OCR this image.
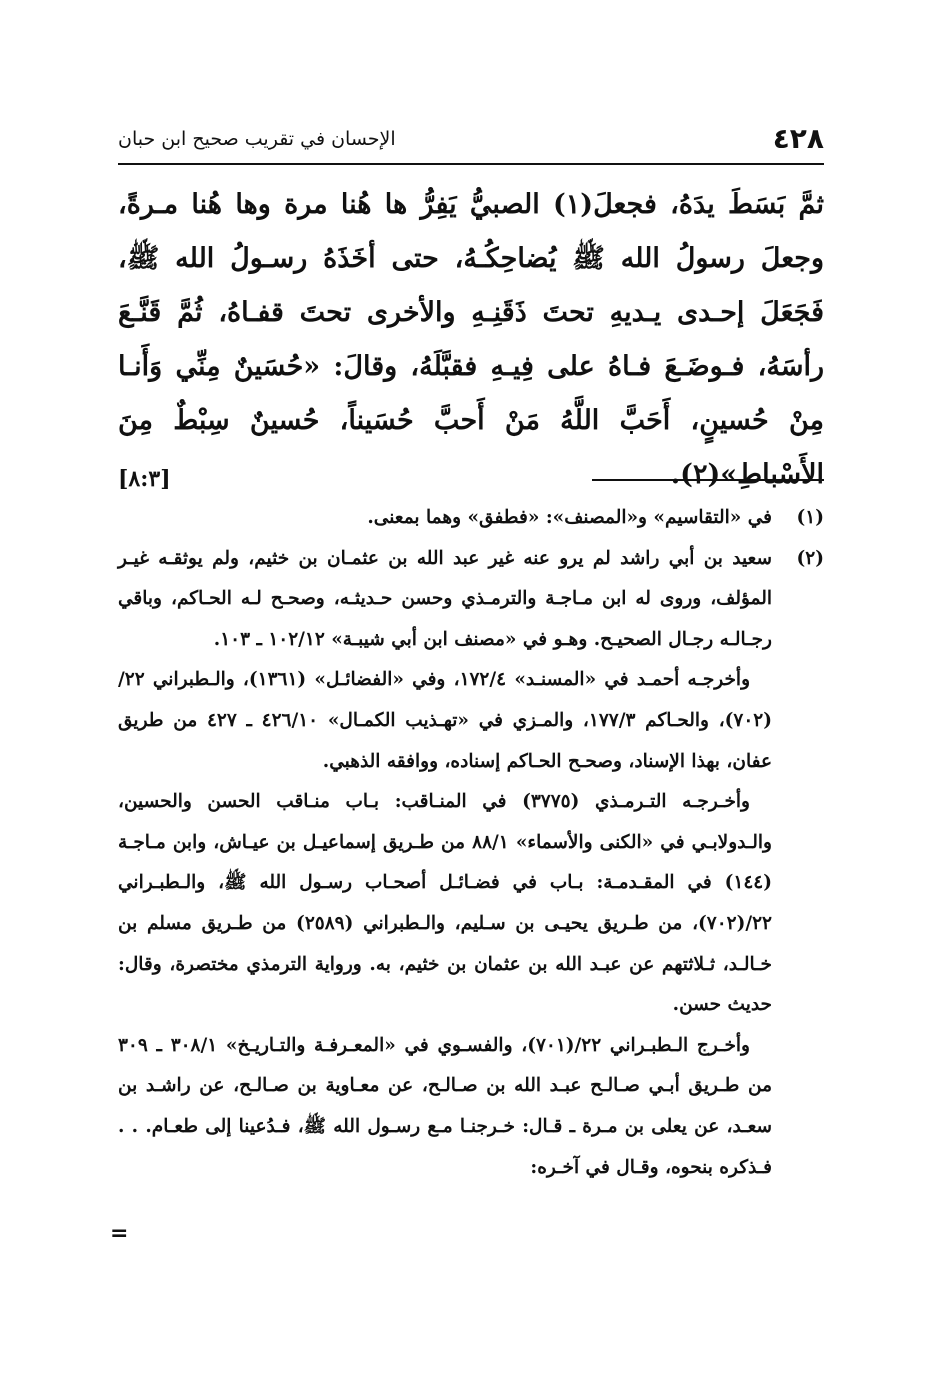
٤٢٨
الإحسان في تقريب صحيح ابن حبان

ثمَّ بَسَطَ يدَهُ، فجعلَ(١) الصبيُّ يَفِرُّ ها هُنا مرة وها هُنا مـرةً، وجعلَ رسولُ الله ﷺ يُضاحِكُـهُ، حتى أخَذَهُ رسـولُ الله ﷺ، فَجَعَلَ إحـدى يـديهِ تحتَ ذَقَنِـهِ والأخرى تحتَ قفـاهُ، ثُمَّ قَنَّـعَ رأسَهُ، فـوضَـعَ فـاهُ على فِيـهِ فقبَّلَهُ، وقالَ: «حُسَينٌ مِنِّي وَأَنـا مِنْ حُسينٍ، أَحَبَّ اللَّهُ مَنْ أَحبَّ حُسَيناً، حُسينٌ سِبْطٌ مِنَ الأَسْباطِ»(٢).
[٨:٣]

(١)

في «التقاسيم» و«المصنف»: «فطفق» وهما بمعنى.

(٢)

سعيد بن أبي راشد لم يرو عنه غير عبد الله بن عثمـان بن خثيم، ولم يوثقـه غيـر المؤلف، وروى له ابن مـاجـة والترمـذي وحسن حـديثـه، وصحـح لـه الحـاكم، وباقي رجـالـه رجـال الصحيـح. وهـو في «مصنف ابن أبي شيبـة» ١٠٢/١٢ ـ ١٠٣.

وأخرجـه أحمـد في «المسنـد» ١٧٢/٤، وفي «الفضائـل» (١٣٦١)، والـطبراني ٢٢/ (٧٠٢)، والحـاكم ١٧٧/٣، والمـزي في «تهـذيب الكمـال» ٤٢٦/١٠ ـ ٤٢٧ من طريق عفان، بهذا الإسناد، وصحـح الحـاكم إسناده، ووافقه الذهبي.

وأخـرجـه التـرمـذي (٣٧٧٥) في المنـاقب: بـاب منـاقب الحسن والحسين، والـدولابـي في «الكنى والأسماء» ٨٨/١ من طـريق إسماعيـل بن عيـاش، وابن مـاجـة (١٤٤) في المقـدمـة: بـاب في فضـائـل أصحـاب رسـول الله ﷺ، والـطبـراني ٢٢/(٧٠٢)، من طـريق يحيـى بن سـليم، والـطبراني (٢٥٨٩) من طـريق مسلم بن خـالـد، ثـلاثتهم عن عبـد الله بن عثمان بن خثيم، به. ورواية الترمذي مختصرة، وقال: حديث حسن.

وأخـرج الـطبـراني ٢٢/(٧٠١)، والفسـوي في «المعـرفـة والتـاريـخ» ٣٠٨/١ ـ ٣٠٩ من طـريق أبـي صـالـح عبـد الله بن صـالـح، عن معـاوية بن صـالـح، عن راشـد بن سعـد، عن يعلى بن مـرة ـ قـال: خـرجنـا مـع رسـول الله ﷺ، فـدُعينا إلى طعـام. . . فـذكره بنحوه، وقـال في آخـره:

=
